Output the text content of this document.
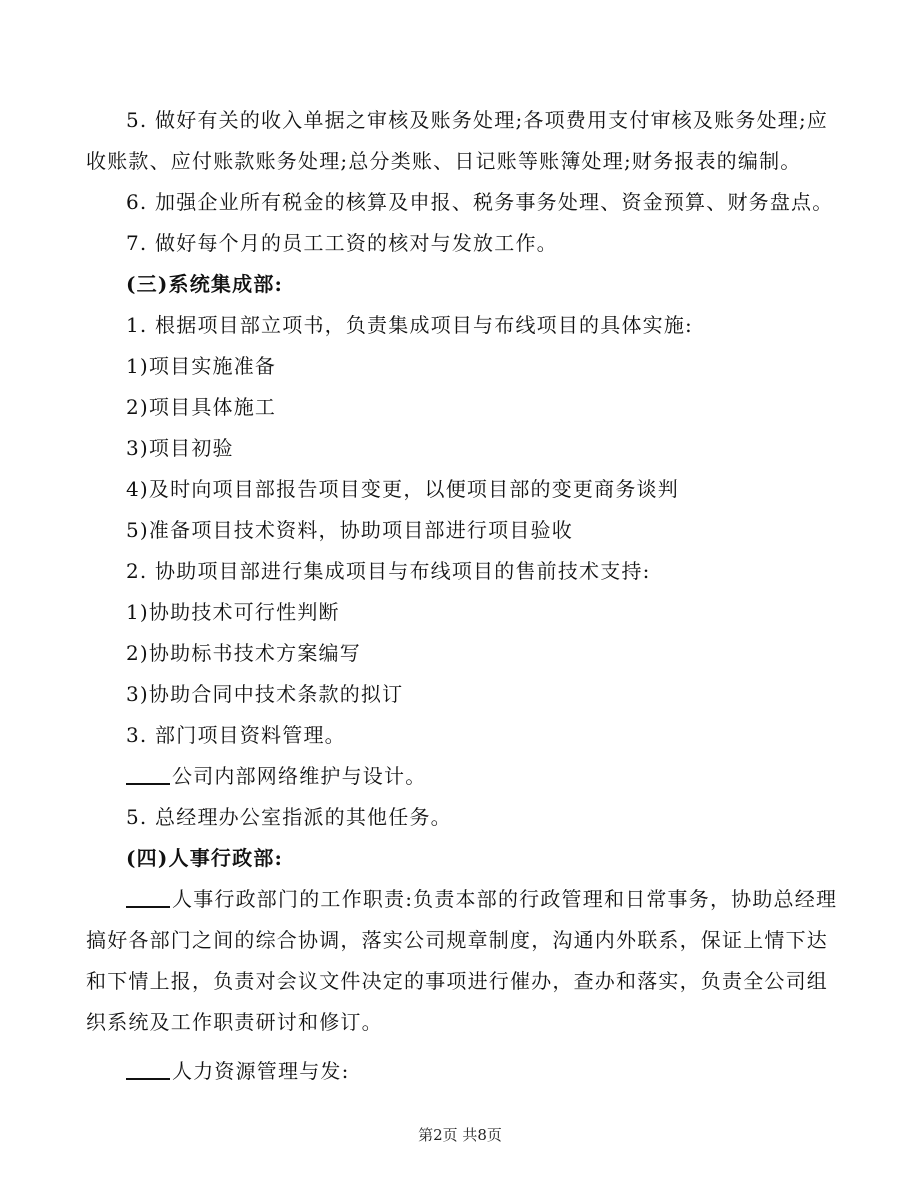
5. 做好有关的收入单据之审核及账务处理;各项费用支付审核及账务处理;应
收账款、应付账款账务处理;总分类账、日记账等账簿处理;财务报表的编制。
6. 加强企业所有税金的核算及申报、税务事务处理、资金预算、财务盘点。
7. 做好每个月的员工工资的核对与发放工作。
(三)系统集成部:
1. 根据项目部立项书，负责集成项目与布线项目的具体实施:
1)项目实施准备
2)项目具体施工
3)项目初验
4)及时向项目部报告项目变更，以便项目部的变更商务谈判
5)准备项目技术资料，协助项目部进行项目验收
2. 协助项目部进行集成项目与布线项目的售前技术支持:
1)协助技术可行性判断
2)协助标书技术方案编写
3)协助合同中技术条款的拟订
3. 部门项目资料管理。
公司内部网络维护与设计。
5. 总经理办公室指派的其他任务。
(四)人事行政部:
人事行政部门的工作职责:负责本部的行政管理和日常事务，协助总经理
搞好各部门之间的综合协调，落实公司规章制度，沟通内外联系，保证上情下达
和下情上报，负责对会议文件决定的事项进行催办，查办和落实，负责全公司组
织系统及工作职责研讨和修订。
人力资源管理与发:
第2页 共8页
